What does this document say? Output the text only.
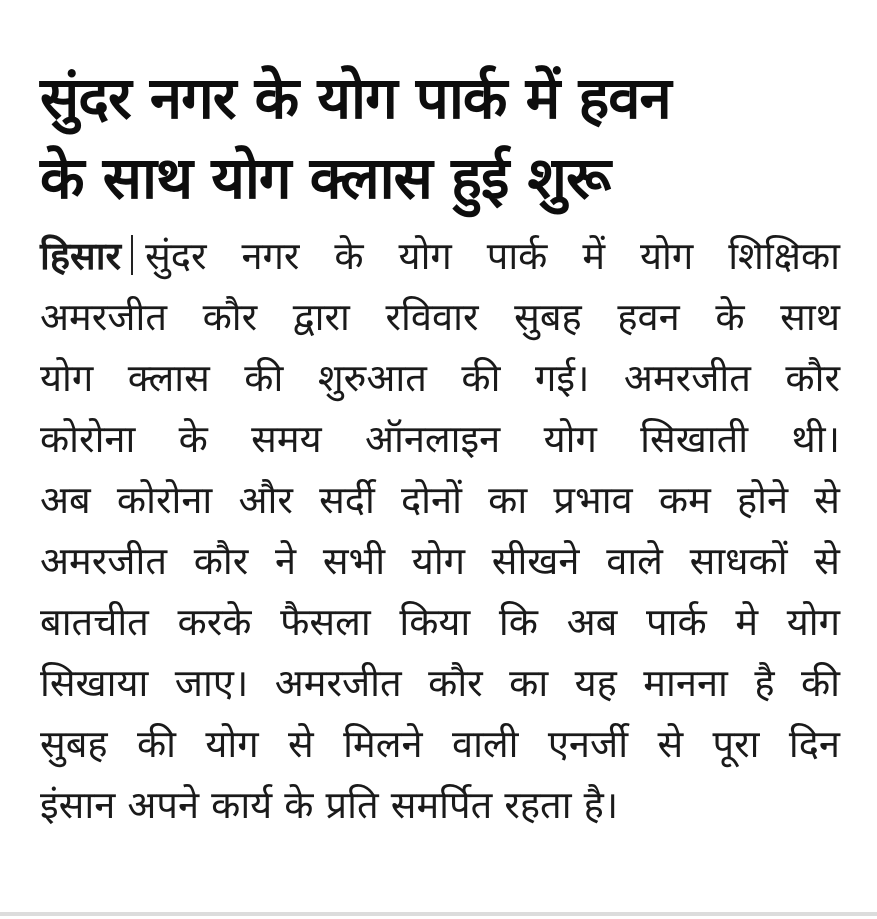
सुंदर नगर के योग पार्क में हवन
के साथ योग क्लास हुई शुरू
हिसार सुंदर नगर के योग पार्क में योग शिक्षिका
अमरजीत कौर द्वारा रविवार सुबह हवन के साथ
योग क्लास की शुरुआत की गई। अमरजीत कौर
कोरोना के समय ऑनलाइन योग सिखाती थी।
अब कोरोना और सर्दी दोनों का प्रभाव कम होने से
अमरजीत कौर ने सभी योग सीखने वाले साधकों से
बातचीत करके फैसला किया कि अब पार्क मे योग
सिखाया जाए। अमरजीत कौर का यह मानना है की
सुबह की योग से मिलने वाली एनर्जी से पूरा दिन
इंसान अपने कार्य के प्रति समर्पित रहता है।
